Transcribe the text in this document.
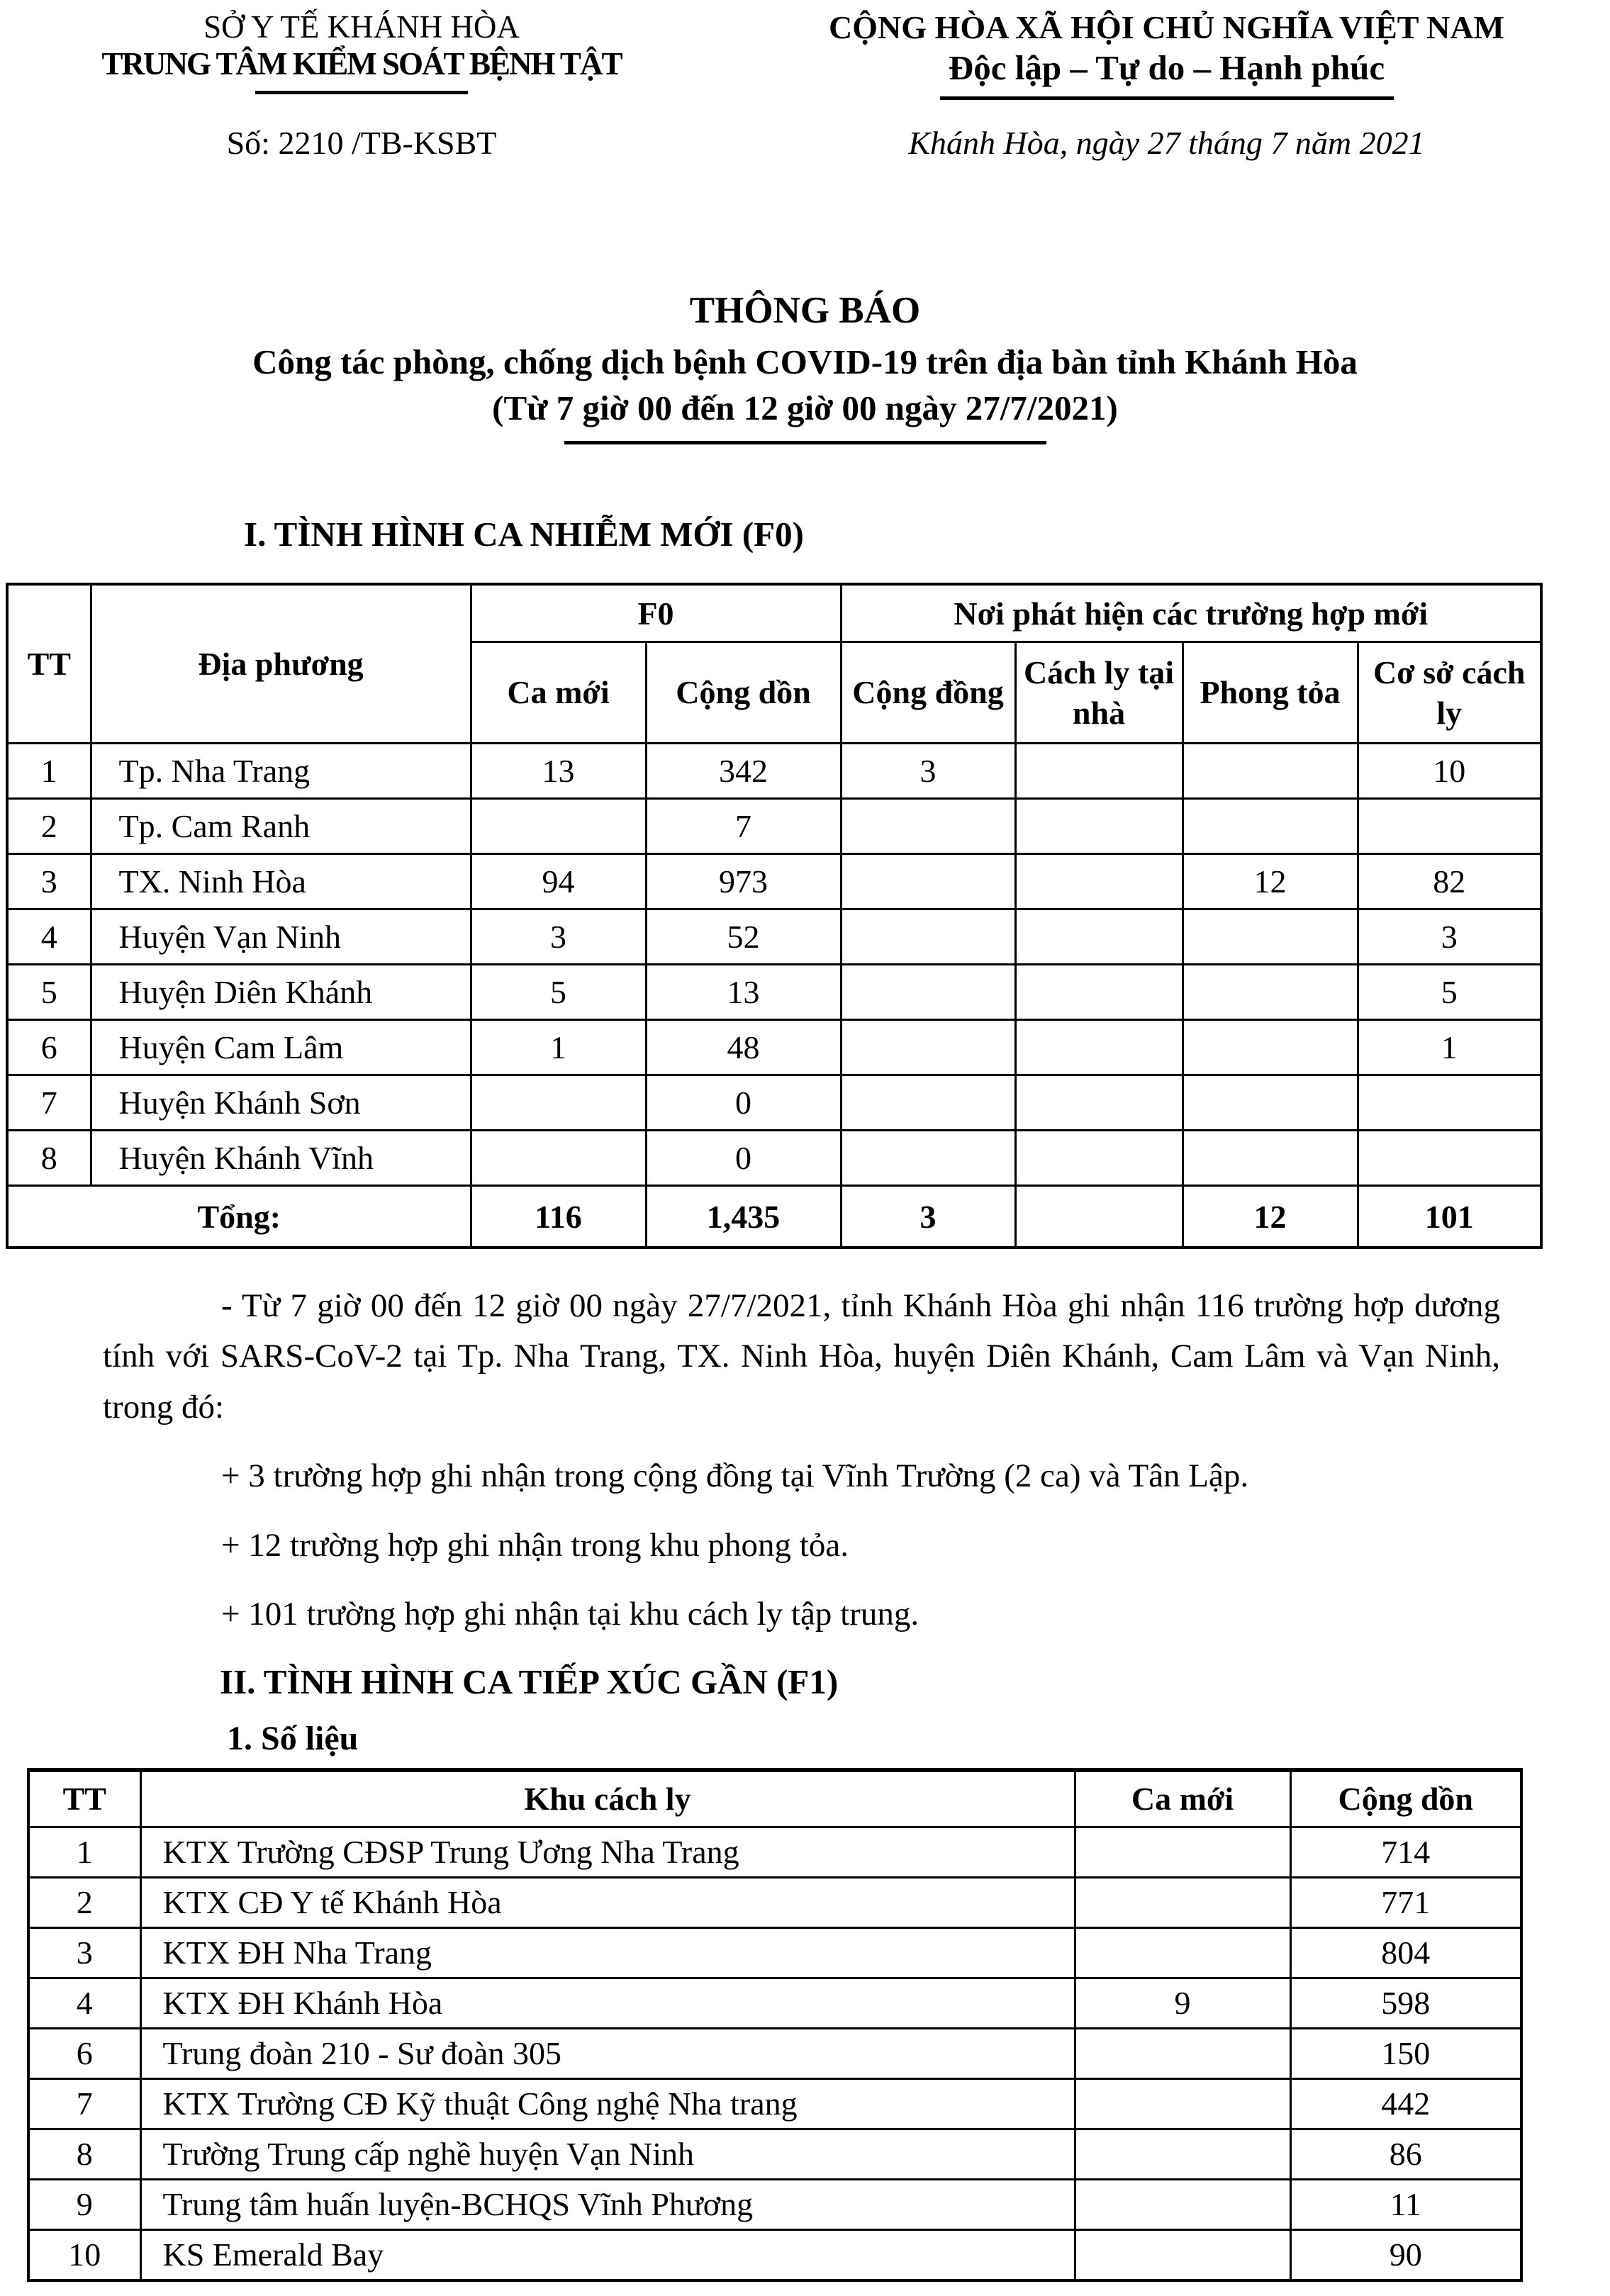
SỞ Y TẾ KHÁNH HÒA
TRUNG TÂM KIỂM SOÁT BỆNH TẬT
CỘNG HÒA XÃ HỘI CHỦ NGHĨA VIỆT NAM
Độc lập – Tự do – Hạnh phúc
Số: 2210 /TB-KSBT	Khánh Hòa, ngày 27 tháng 7 năm 2021
THÔNG BÁO
Công tác phòng, chống dịch bệnh COVID-19 trên địa bàn tỉnh Khánh Hòa
(Từ 7 giờ 00 đến 12 giờ 00 ngày 27/7/2021)
I. TÌNH HÌNH CA NHIỄM MỚI (F0)
TT	Địa phương	F0		Nơi phát hiện các trường hợp mới			
		Ca mới	Cộng dồn	Cộng đồng	Cách ly tại nhà	Phong tỏa	Cơ sở cách ly
1	Tp. Nha Trang	13	342	3			10
2	Tp. Cam Ranh		7				
3	TX. Ninh Hòa	94	973			12	82
4	Huyện Vạn Ninh	3	52				3
5	Huyện Diên Khánh	5	13				5
6	Huyện Cam Lâm	1	48				1
7	Huyện Khánh Sơn		0				
8	Huyện Khánh Vĩnh		0				
Tổng:		116	1,435	3		12	101
- Từ 7 giờ 00 đến 12 giờ 00 ngày 27/7/2021, tỉnh Khánh Hòa ghi nhận 116 trường hợp dương tính với SARS-CoV-2 tại Tp. Nha Trang, TX. Ninh Hòa, huyện Diên Khánh, Cam Lâm và Vạn Ninh, trong đó:
+ 3 trường hợp ghi nhận trong cộng đồng tại Vĩnh Trường (2 ca) và Tân Lập.
+ 12 trường hợp ghi nhận trong khu phong tỏa.
+ 101 trường hợp ghi nhận tại khu cách ly tập trung.
II. TÌNH HÌNH CA TIẾP XÚC GẦN (F1)
1. Số liệu
TT	Khu cách ly	Ca mới	Cộng dồn
1	KTX Trường CĐSP Trung Ương Nha Trang		714
2	KTX CĐ Y tế Khánh Hòa		771
3	KTX ĐH Nha Trang		804
4	KTX ĐH Khánh Hòa	9	598
6	Trung đoàn 210 - Sư đoàn 305		150
7	KTX Trường CĐ Kỹ thuật Công nghệ Nha trang		442
8	Trường Trung cấp nghề huyện Vạn Ninh		86
9	Trung tâm huấn luyện-BCHQS Vĩnh Phương		11
10	KS Emerald Bay		90
